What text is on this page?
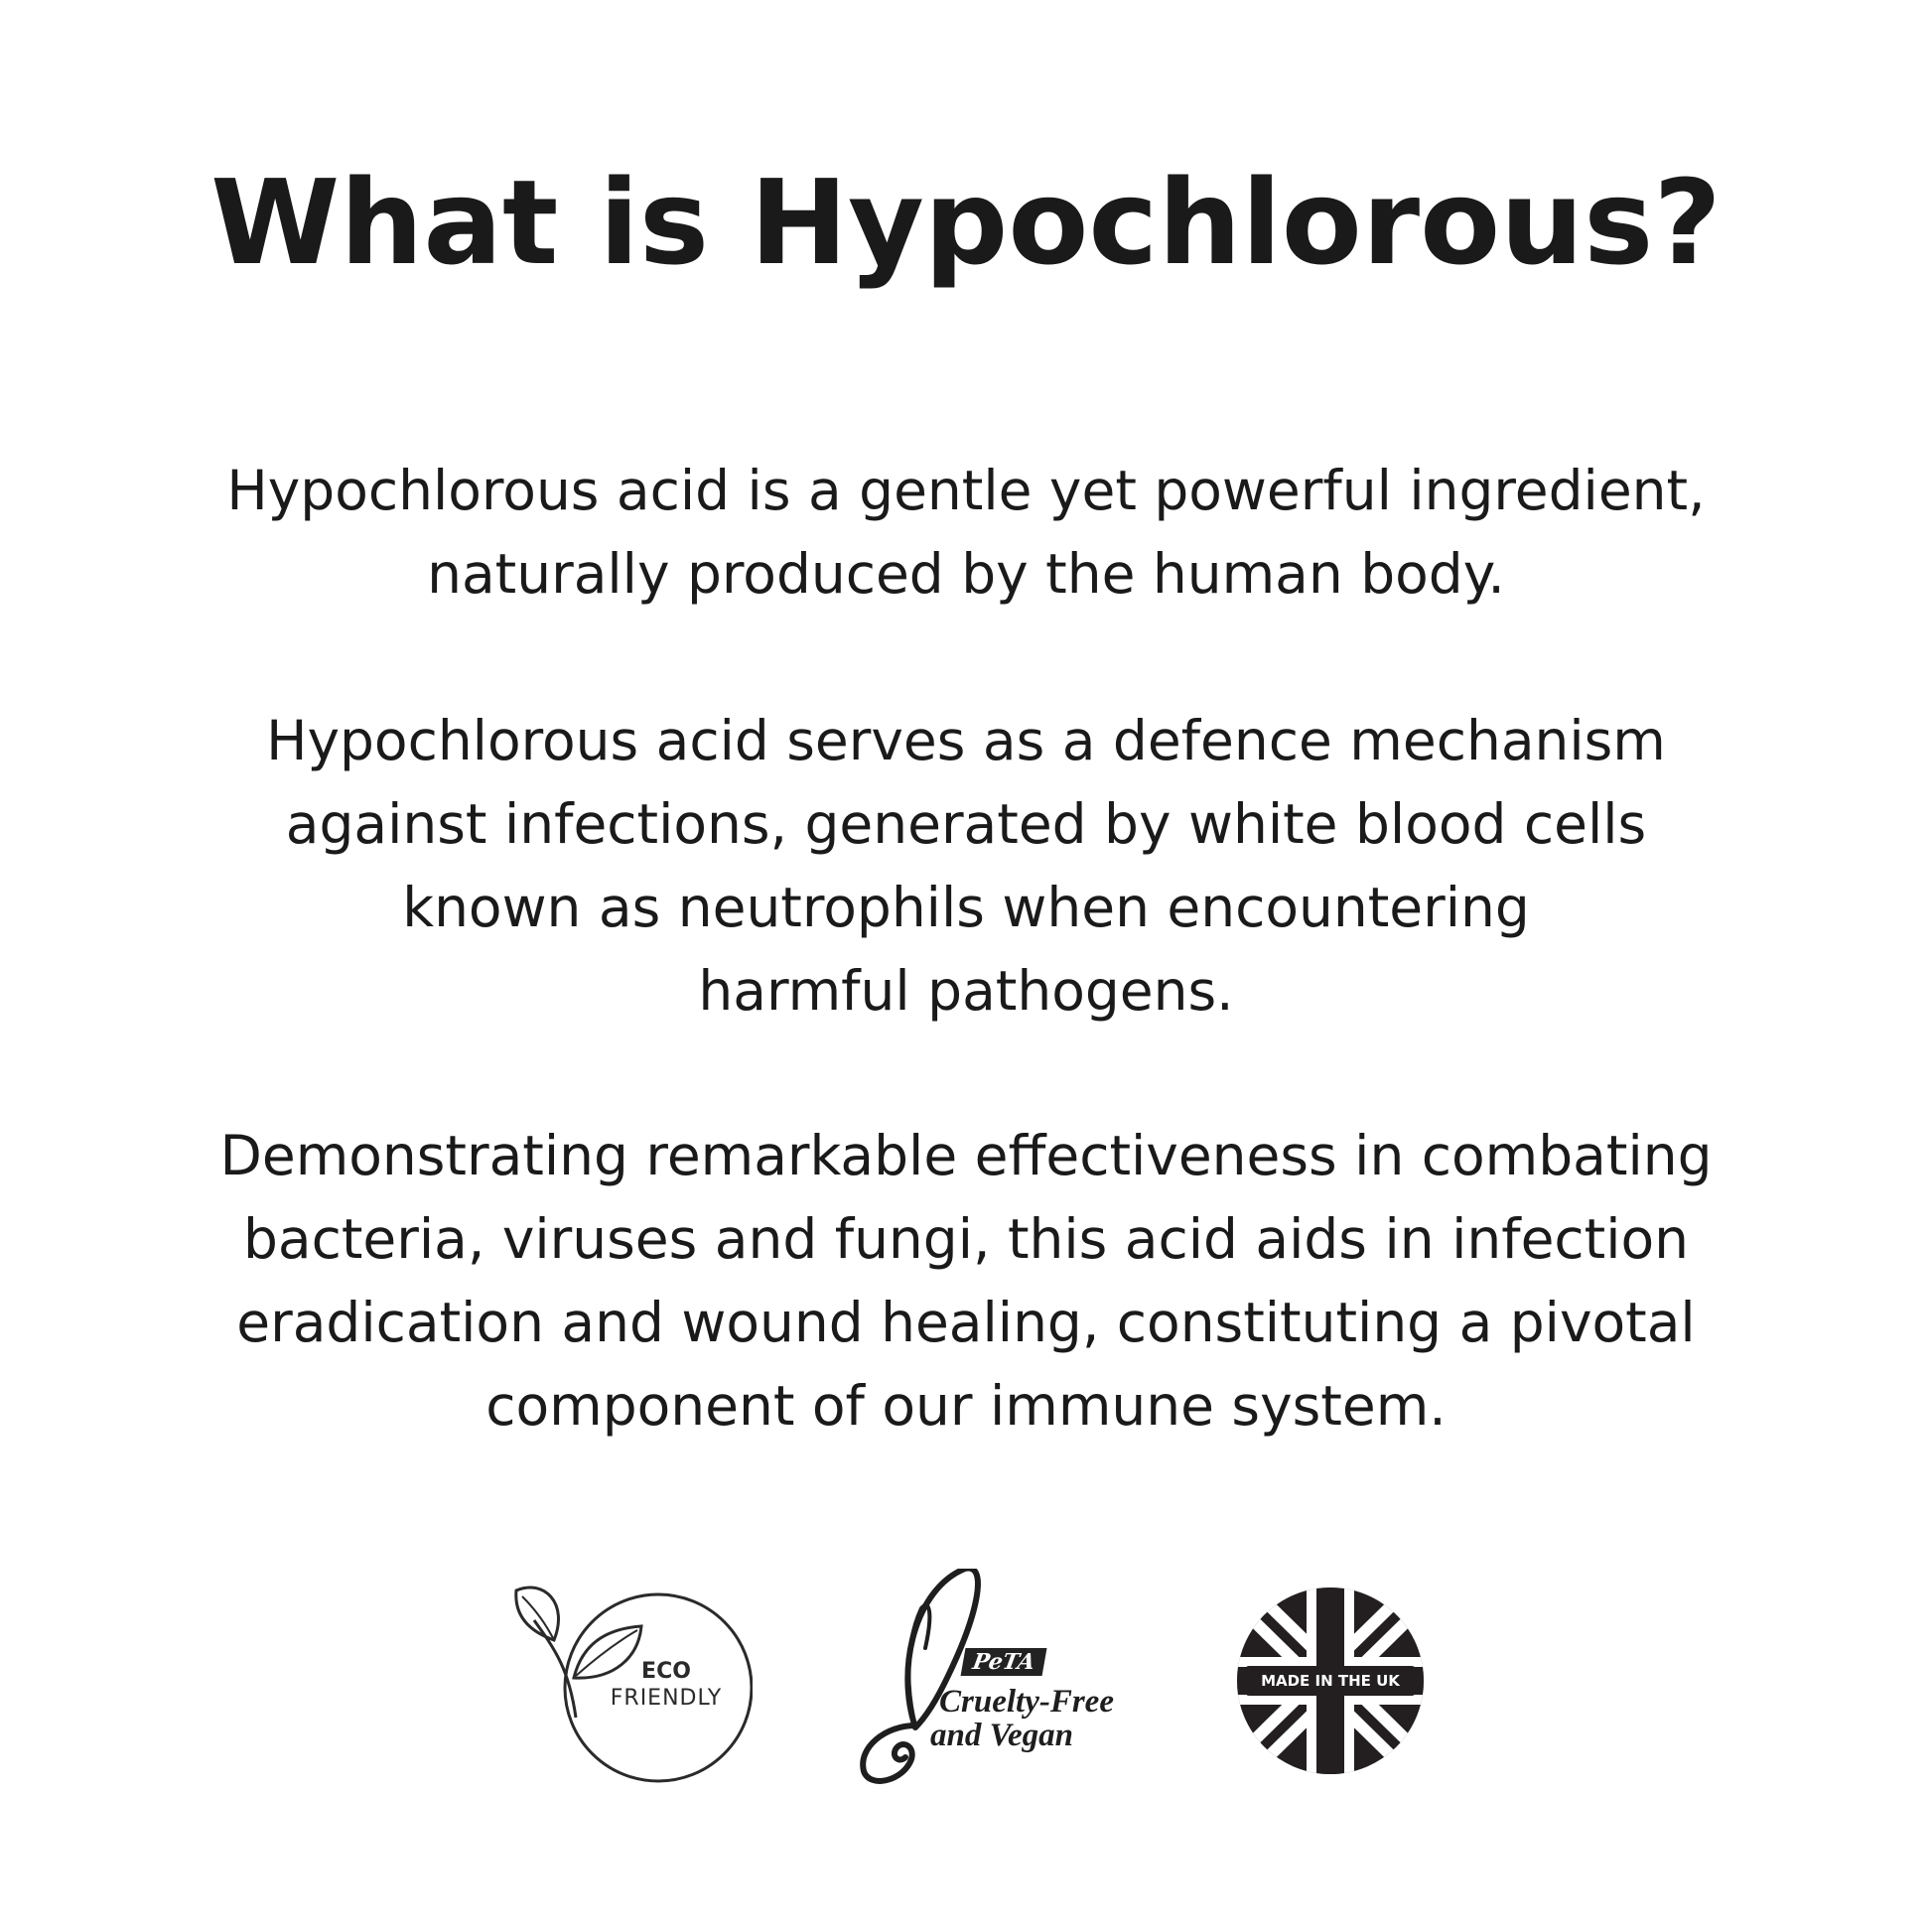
What is Hypochlorous?
Hypochlorous acid is a gentle yet powerful ingredient,
naturally produced by the human body.
Hypochlorous acid serves as a defence mechanism
against infections, generated by white blood cells
known as neutrophils when encountering
harmful pathogens.
Demonstrating remarkable effectiveness in combating
bacteria, viruses and fungi, this acid aids in infection
eradication and wound healing, constituting a pivotal
component of our immune system.
ECO
FRIENDLY
PeTA
Cruelty-Free
and Vegan
MADE IN THE UK
